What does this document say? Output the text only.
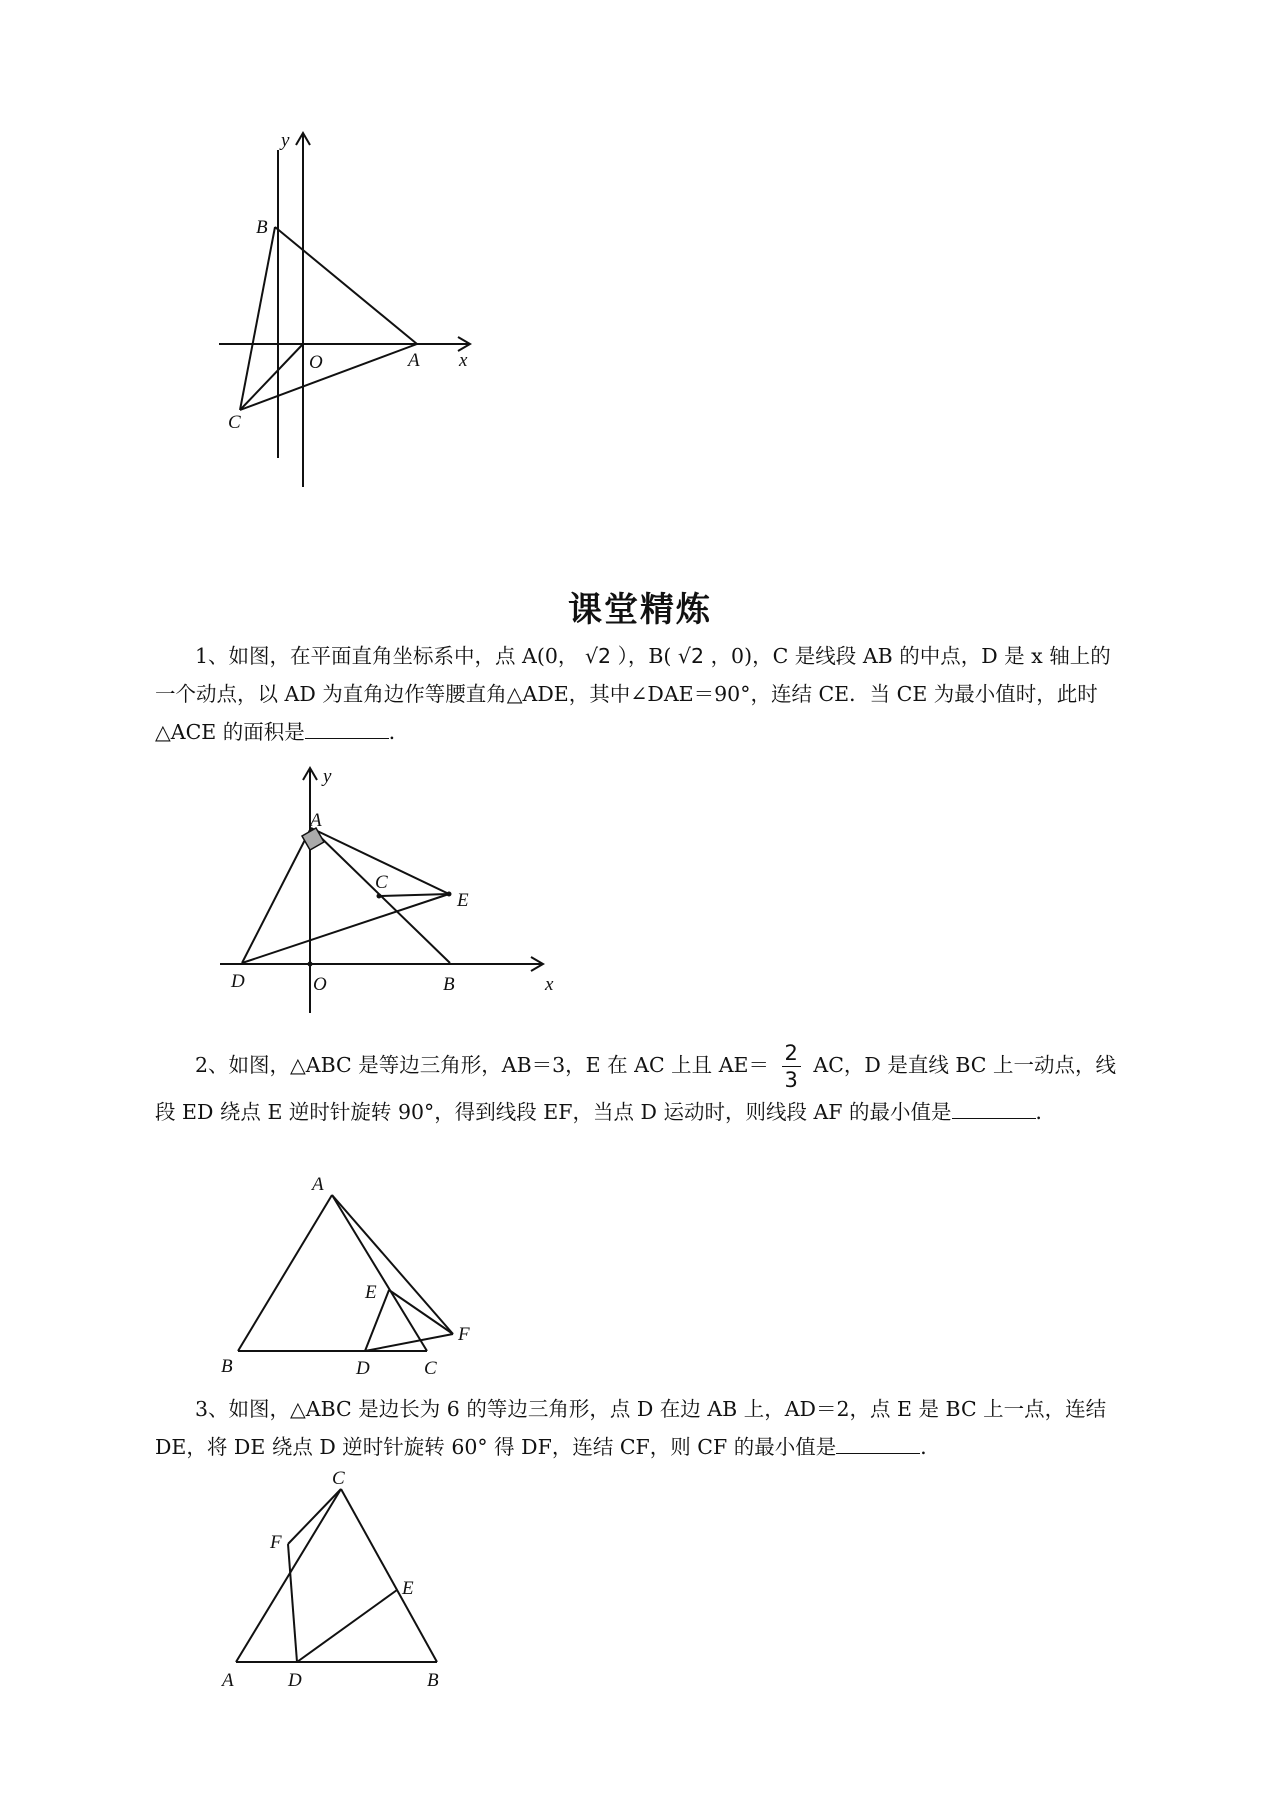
y
B
O	A x
C
课堂精炼
1、如图，在平面直角坐标系中，点 A(0， √2 ），B( √2 ，0)，C 是线段 AB 的中点，D 是 x 轴上的一个动点，以 AD 为直角边作等腰直角△ADE，其中∠DAE＝90°，连结 CE．当 CE 为最小值时，此时△ACE 的面积是	．
y
A
C
E
D	O	B	x
2、如图，△ABC 是等边三角形，AB＝3，E 在 AC 上且 $AE= \frac{2}{3}$ AC，D 是直线 BC 上一动点，线段 ED 绕点 E 逆时针旋转 90°，得到线段 EF，当点 D 运动时，则线段 AF 的最小值是	．
A
E
F
B	D	C
3、如图，△ABC 是边长为 6 的等边三角形，点 D 在边 AB 上，AD＝2，点 E 是 BC 上一点，连结 DE，将 DE 绕点 D 逆时针旋转 60° 得 DF，连结 CF，则 CF 的最小值是	．
C
F
E
A	D	B
